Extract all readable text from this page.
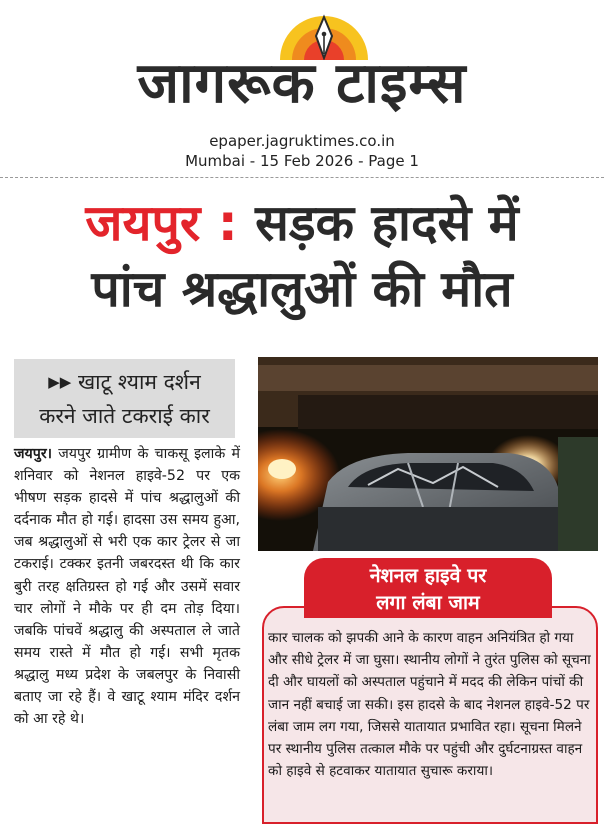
जागरूक टाइम्स
epaper.jagruktimes.co.in
Mumbai - 15 Feb 2026 - Page 1
जयपुर : सड़क हादसे में
पांच श्रद्धालुओं की मौत
▶▶ खाटू श्याम दर्शन
करने जाते टकराई कार
जयपुर। जयपुर ग्रामीण के चाकसू इलाके में शनिवार को नेशनल हाइवे-52 पर एक भीषण सड़क हादसे में पांच श्रद्धालुओं की दर्दनाक मौत हो गई। हादसा उस समय हुआ, जब श्रद्धालुओं से भरी एक कार ट्रेलर से जा टकराई। टक्कर इतनी जबरदस्त थी कि कार बुरी तरह क्षतिग्रस्त हो गई और उसमें सवार चार लोगों ने मौके पर ही दम तोड़ दिया। जबकि पांचवें श्रद्धालु की अस्पताल ले जाते समय रास्ते में मौत हो गई। सभी मृतक श्रद्धालु मध्य प्रदेश के जबलपुर के निवासी बताए जा रहे हैं। वे खाटू श्याम मंदिर दर्शन को आ रहे थे।
नेशनल हाइवे पर
लगा लंबा जाम
कार चालक को झपकी आने के कारण वाहन अनियंत्रित हो गया और सीधे ट्रेलर में जा घुसा। स्थानीय लोगों ने तुरंत पुलिस को सूचना दी और घायलों को अस्पताल पहुंचाने में मदद की लेकिन पांचों की जान नहीं बचाई जा सकी। इस हादसे के बाद नेशनल हाइवे-52 पर लंबा जाम लग गया, जिससे यातायात प्रभावित रहा। सूचना मिलने पर स्थानीय पुलिस तत्काल मौके पर पहुंची और दुर्घटनाग्रस्त वाहन को हाइवे से हटवाकर यातायात सुचारू कराया।
